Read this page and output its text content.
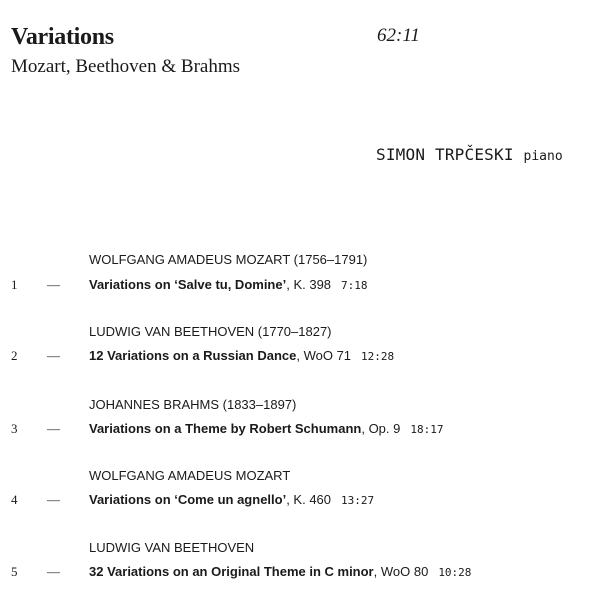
Variations
Mozart, Beethoven & Brahms
62:11
SIMON TRPČESKI piano
WOLFGANG AMADEUS MOZART (1756–1791)
1 — Variations on ‘Salve tu, Domine’, K. 398 7:18
LUDWIG VAN BEETHOVEN (1770–1827)
2 — 12 Variations on a Russian Dance, WoO 71 12:28
JOHANNES BRAHMS (1833–1897)
3 — Variations on a Theme by Robert Schumann, Op. 9 18:17
WOLFGANG AMADEUS MOZART
4 — Variations on ‘Come un agnello’, K. 460 13:27
LUDWIG VAN BEETHOVEN
5 — 32 Variations on an Original Theme in C minor, WoO 80 10:28
